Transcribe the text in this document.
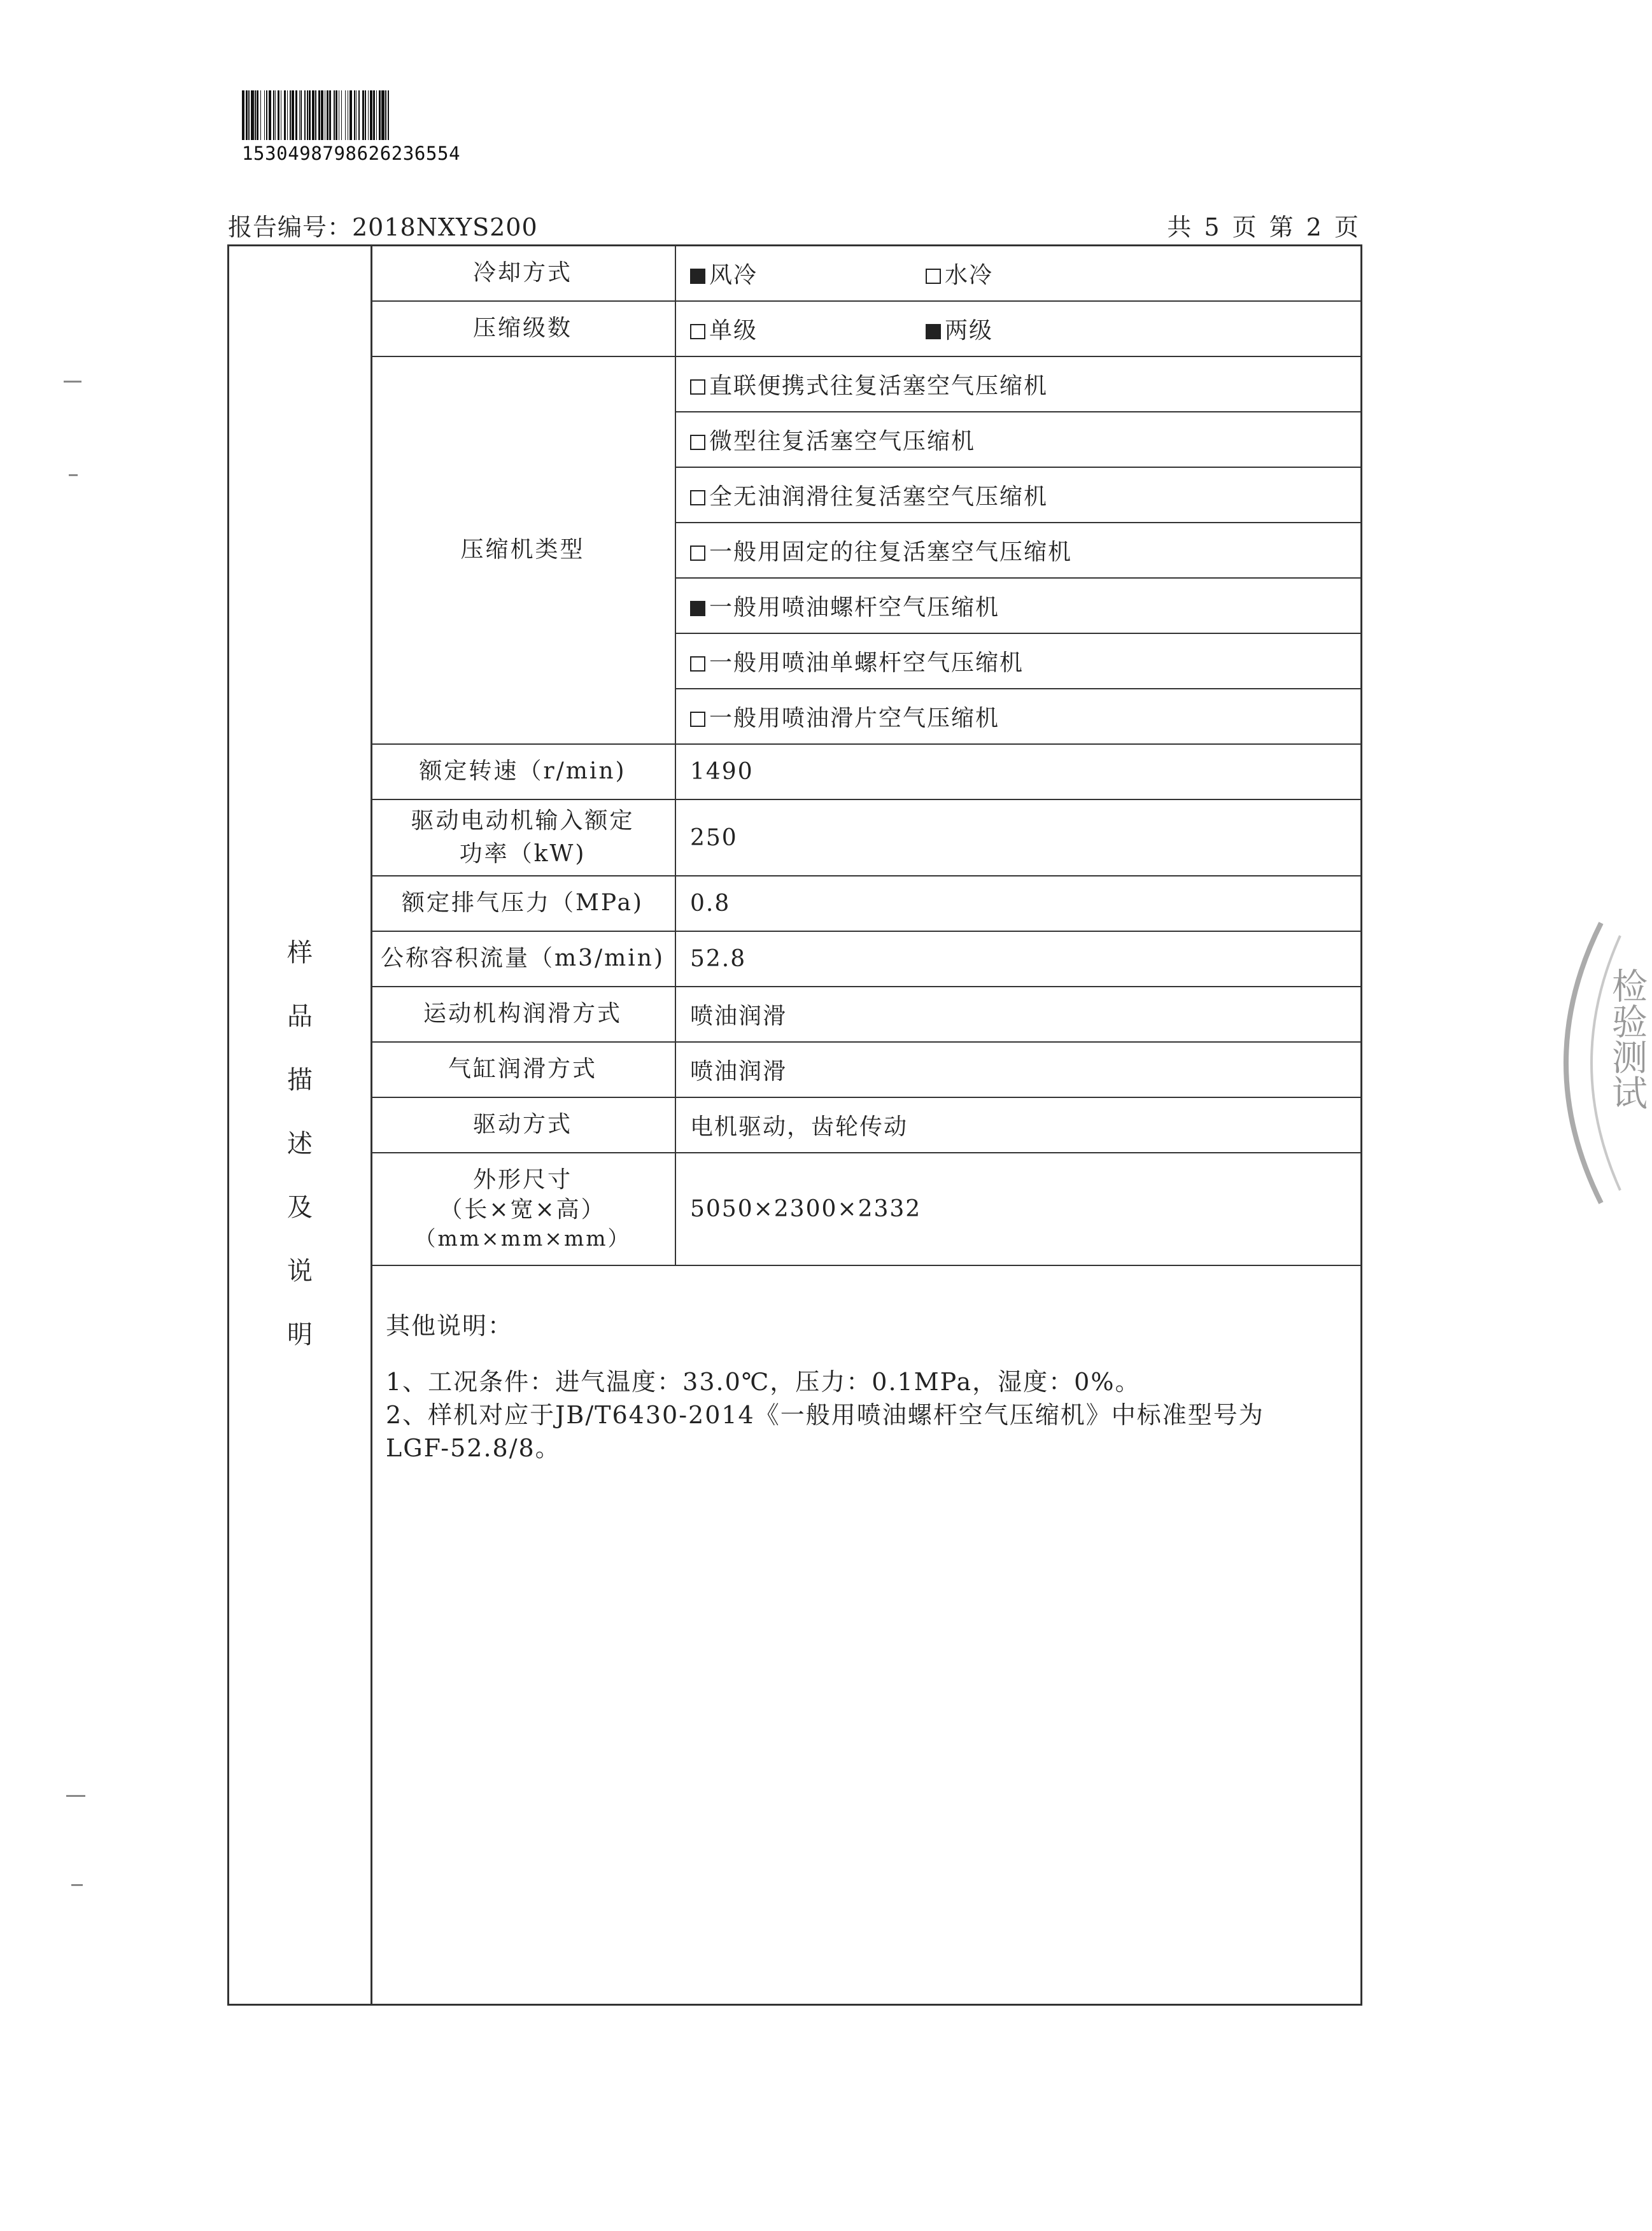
1530498798626236554
报告编号：2018NXYS200	共 5 页 第 2 页
样
品
描
述
及
说
明
冷却方式	风冷 水冷

压缩级数	单级 两级

压缩机类型	直联便携式往复活塞空气压缩机
	微型往复活塞空气压缩机
	全无油润滑往复活塞空气压缩机
	一般用固定的往复活塞空气压缩机
	一般用喷油螺杆空气压缩机
	一般用喷油单螺杆空气压缩机
	一般用喷油滑片空气压缩机
额定转速（r/min)	1490

驱动电动机输入额定
功率（kW)	250
额定排气压力（MPa)	0.8
公称容积流量（m3/min)	52.8
运动机构润滑方式	喷油润滑
气缸润滑方式	喷油润滑
驱动方式	电机驱动，齿轮传动

外形尺寸
（长×宽×高）
（mm×mm×mm）	5050×2300×2332
其他说明：
1、工况条件：进气温度：33.0℃，压力：0.1MPa，湿度：0%。
2、样机对应于JB/T6430-2014《一般用喷油螺杆空气压缩机》中标准型号为
LGF-52.8/8。
检验测试
